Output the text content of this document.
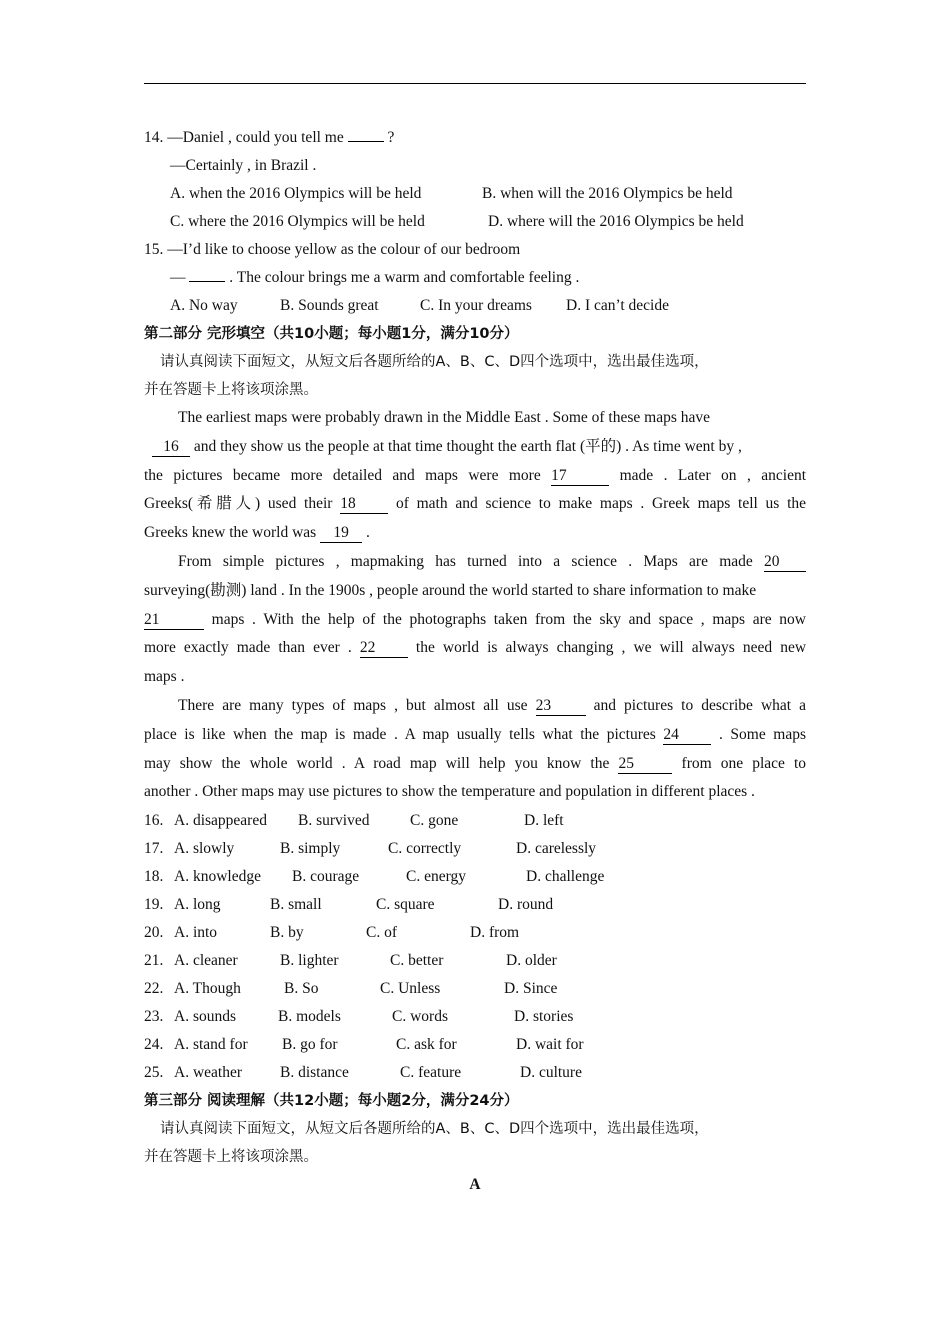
14. —Daniel , could you tell me	?
—Certainly , in Brazil .
A. when the 2016 Olympics will be held	B. when will the 2016 Olympics be held
C. where the 2016 Olympics will be held	D. where will the 2016 Olympics be held
15. —I’d like to choose yellow as the colour of our bedroom
—	. The colour brings me a warm and comfortable feeling .
A. No way	B. Sounds great	C. In your dreams D. I can’t decide
第二部分 完形填空（共10小题；每小题1分，满分10分）
请认真阅读下面短文，从短文后各题所给的A、B、C、D四个选项中，选出最佳选项，
并在答题卡上将该项涂黑。
The earliest maps were probably drawn in the Middle East . Some of these maps have
16 and they show us the people at that time thought the earth flat (平的) . As time went by ,
the pictures became more detailed and maps were more 17	made . Later on , ancient
Greeks(希腊人) used their 18	of math and science to make maps . Greek maps tell us the
Greeks knew the world was 19 .
From simple pictures , mapmaking has turned into a science . Maps are made 20
surveying(勘测) land . In the 1900s , people around the world started to share information to make
21	maps . With the help of the photographs taken from the sky and space , maps are now
more exactly made than ever . 22	the world is always changing , we will always need new
maps .
There are many types of maps , but almost all use 23	and pictures to describe what a
place is like when the map is made . A map usually tells what the pictures 24	. Some maps
may show the whole world . A road map will help you know the 25	from one place to
another . Other maps may use pictures to show the temperature and population in different places .
16. A. disappeared B. survived	C. gone	D. left
17. A. slowly	B. simply	C. correctly	D. carelessly
18. A. knowledge B. courage	C. energy	D. challenge
19. A. long	B. small	C. square	D. round
20. A. into	B. by	C. of	D. from
21. A. cleaner	B. lighter	C. better	D. older
22. A. Though	B. So	C. Unless	D. Since
23. A. sounds	B. models	C. words	D. stories
24. A. stand for B. go for	C. ask for	D. wait for
25. A. weather B. distance	C. feature	D. culture
第三部分 阅读理解（共12小题；每小题2分，满分24分）
请认真阅读下面短文，从短文后各题所给的A、B、C、D四个选项中，选出最佳选项，
并在答题卡上将该项涂黑。
A
